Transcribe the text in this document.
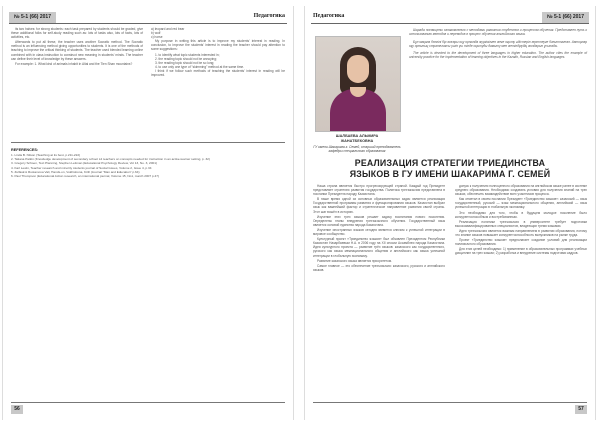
№ 5-1 (66) 2017	Педагогика

its two halves: for strong students: each task prepared by students should be graded, give these additional folks for self-study reading such as: lots of tasks also, lots of facts, lots of activities, etc.

Afterwards to put all these, the teacher uses another Socratic method. The Socratic method is an influencing method giving opportunities to students. It is one of the methods of teaching to improve the critical thinking of students. The teacher used blended learning online combined with in class instruction to construct new meaning in students' minds. The teacher can define their level of knowledge by these answers.

For example: 1. What kind of animals inhabit in Altai and the Tien Shan mountains?

a) leopard and red bear
b) wolf
c) horse

My purpose in writing this article is to improve my students' interest in reading. In conclusion, to improve the students' interest in reading the teacher should pay attention to some suggestions:

1. to identify what topic students interested in;
2. the reading topic should not be annoying;
3. the reading topic should not be so long;
4. to use only one type of "skimming" method at the same time.

I think if we follow such methods of teaching the students' interest in reading will be improved.

REFERENCES:
1. Linda B. Nilson (Teaching at its best, p.211-222)
2. Tatiana Patkin (Knowledge development of secondary school L2 teachers on concepts needed for instruction in an active-learner setting, p. 32)
3. Gregory Schoen, Text Planning, Stephen Leitman (Educational Psychology Review, Vol 13, No. 3, 2001)
4. Karl Lewin, Teacher research and minority students journal of Social Issues, Volume 2, Issue 4, p.34
5. Zulfasirot Rustamova Vali, Hands-on, Vokhidovna, Kirill (Journal "Man and Education" p.64)
6. Paul Thompson (Educational Action research, an international journal, Volume 15, No1, march 2007 p.47)
56
Педагогика	№ 5-1 (66) 2017
ШАЛБАЕВА АЛЬМИРА
ЖАНАТБЕКОВНА
ГУ имени Шакарима г. Семей, старший преподаватель кафедры специального образования

Шарада посвящены ознакомлению с методами развития студентов и процессом обучения. Представлен путь к использованию методов и переводов в процесс обучения английского языка.

Бұл мақала белгілі бір жоғары оқу орнында жүргізілген жеке оқыту әдістерін зерттеуге бағытталған. Авторлар оқу орнының стратегиясы үшін үш тілде оқытуды дамыту мен жетілдірудің жолдарын ұсынады.

The article is devoted to the development of three languages in higher education. The author cites the example of university practice for the implementation of learning objectives in the Kazakh, Russian and English languages.

РЕАЛИЗАЦИЯ СТРАТЕГИИ ТРИЕДИНСТВА
ЯЗЫКОВ В ГУ ИМЕНИ ШАКАРИМА Г. СЕМЕЙ

Наша страна является быстро прогрессирующей страной. Каждый год Президент представляет стратегию развития государства. Политика трехъязычия представлена в послании Президента народу Казахстана.

В наше время одной из основных образовательных задач является реализация Государственной программы развития и функционирования языков. Казахстан выбрал язык как важнейший фактор и стратегическое направление развития своей страны. Этот шаг вошёл в историю.

Изучение этих трех языков решает задачу воспитания нового поколения. Определены этапы внедрения трехъязычного обучения. Государственный язык является основой единства народа Казахстана.

Изучение иностранных языков сегодня является ключом к успешной интеграции в мировое сообщество.

Культурный проект «Триединство языков» был объявлен Президентом Республики Казахстан Назарбаевым Н.А. в 2006 году на XII сессии Ассамблеи народа Казахстана. Идея культурного проекта — развитие трёх языков: казахского как государственного, русского как языка межнационального общения и английского как языка успешной интеграции в глобальную экономику.

Развитие казахского языка является приоритетом.

Самое главное — это обеспечение трехъязычия: казахского, русского и английского языков.

допуск к получению полноценного образования на английском языке ранее в системе среднего образования. Необходимо создавать условия для получения знаний на трех языках, обеспечить взаимодействие всех участников процесса.

Как отметил в своем послании Президент «Триединство языков»: казахский — язык государственный, русский — язык межнационального общения, английский — язык успешной интеграции в глобальную экономику.

Это необходимо для того, чтобы в будущем молодое поколение было конкурентоспособным и востребованным.

Реализация политики трехъязычия в университете требует подготовки высококвалифицированных специалистов, владеющих тремя языками.

Идея трехъязычия является важным направлением в развитии образования, потому что знание языков повышает конкурентоспособность выпускников на рынке труда.

Проект «Триединство языков» предполагает создание условий для реализации полиязычного образования.

Для этих целей необходимо: 1) применение в образовательных программах учебных дисциплин на трех языках; 2) разработка и внедрение системы подготовки кадров.

57
